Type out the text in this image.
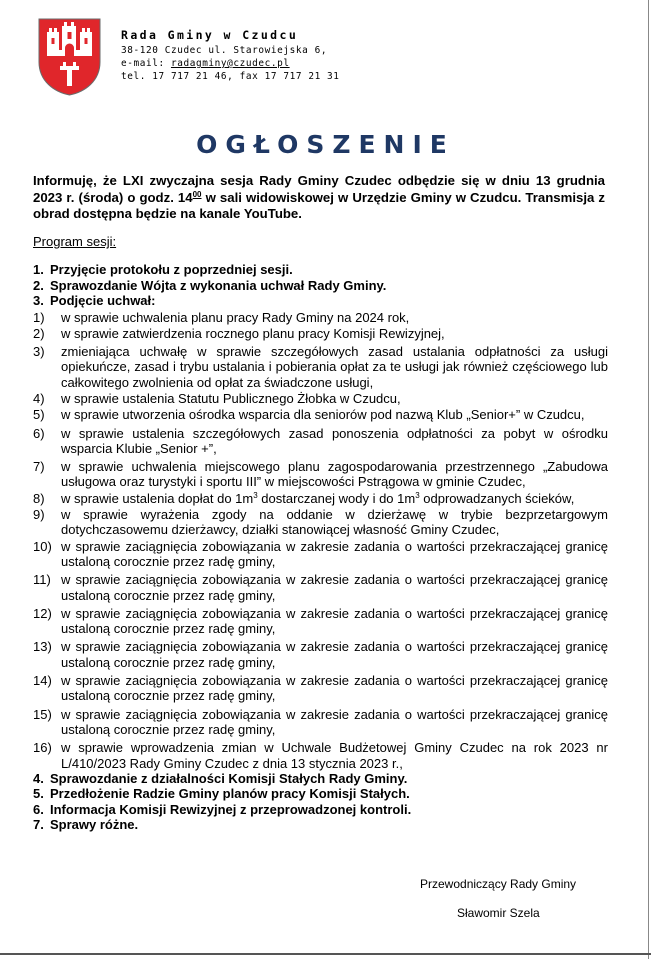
Rada Gminy w Czudcu
38-120 Czudec ul. Starowiejska 6,
e-mail: radagminy@czudec.pl
tel. 17 717 21 46, fax 17 717 21 31
OGŁOSZENIE
Informuję, że LXI zwyczajna sesja Rady Gminy Czudec odbędzie się w dniu 13 grudnia 2023 r. (środa) o godz. $14^{00}$ w sali widowiskowej w Urzędzie Gminy w Czudcu. Transmisja z obrad dostępna będzie na kanale YouTube.
Program sesji:
1. Przyjęcie protokołu z poprzedniej sesji.
2. Sprawozdanie Wójta z wykonania uchwał Rady Gminy.
3. Podjęcie uchwał:
1)	w sprawie uchwalenia planu pracy Rady Gminy na 2024 rok,
2)	w sprawie zatwierdzenia rocznego planu pracy Komisji Rewizyjnej,
3)	zmieniająca uchwałę w sprawie szczegółowych zasad ustalania odpłatności za usługi opiekuńcze, zasad i trybu ustalania i pobierania opłat za te usługi jak również częściowego lub całkowitego zwolnienia od opłat za świadczone usługi,
4)	w sprawie ustalenia Statutu Publicznego Żłobka w Czudcu,
5)	w sprawie utworzenia ośrodka wsparcia dla seniorów pod nazwą Klub „Senior+” w Czudcu,
6)	w sprawie ustalenia szczegółowych zasad ponoszenia odpłatności za pobyt w ośrodku wsparcia Klubie „Senior +”,
7)	w sprawie uchwalenia miejscowego planu zagospodarowania przestrzennego „Zabudowa usługowa oraz turystyki i sportu III” w miejscowości Pstrągowa w gminie Czudec,
8)	w sprawie ustalenia dopłat do $1m^3$ dostarczanej wody i do $1m^3$ odprowadzanych ścieków,
9)	w sprawie wyrażenia zgody na oddanie w dzierżawę w trybie bezprzetargowym dotychczasowemu dzierżawcy, działki stanowiącej własność Gminy Czudec,
10) w sprawie zaciągnięcia zobowiązania w zakresie zadania o wartości przekraczającej granicę ustaloną corocznie przez radę gminy,
11) w sprawie zaciągnięcia zobowiązania w zakresie zadania o wartości przekraczającej granicę ustaloną corocznie przez radę gminy,
12) w sprawie zaciągnięcia zobowiązania w zakresie zadania o wartości przekraczającej granicę ustaloną corocznie przez radę gminy,
13) w sprawie zaciągnięcia zobowiązania w zakresie zadania o wartości przekraczającej granicę ustaloną corocznie przez radę gminy,
14) w sprawie zaciągnięcia zobowiązania w zakresie zadania o wartości przekraczającej granicę ustaloną corocznie przez radę gminy,
15) w sprawie zaciągnięcia zobowiązania w zakresie zadania o wartości przekraczającej granicę ustaloną corocznie przez radę gminy,
16) w sprawie wprowadzenia zmian w Uchwale Budżetowej Gminy Czudec na rok 2023 nr L/410/2023 Rady Gminy Czudec z dnia 13 stycznia 2023 r.,
4. Sprawozdanie z działalności Komisji Stałych Rady Gminy.
5. Przedłożenie Radzie Gminy planów pracy Komisji Stałych.
6. Informacja Komisji Rewizyjnej z przeprowadzonej kontroli.
7. Sprawy różne.
Przewodniczący Rady Gminy
Sławomir Szela
